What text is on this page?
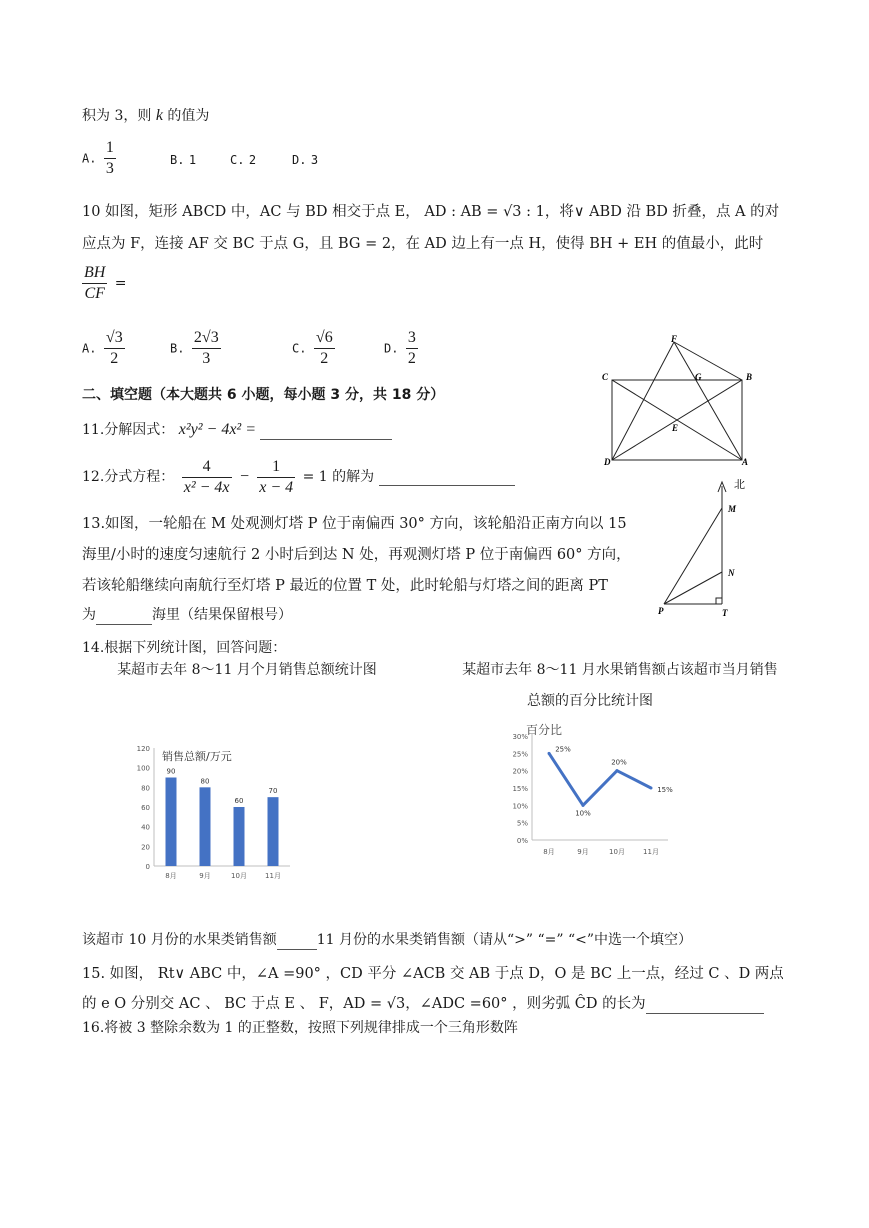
积为 3，则 k 的值为
A. $\frac{1}{3}$	B. 1	C. 2	D. 3
10 如图，矩形 ABCD 中，AC 与 BD 相交于点 E， AD : AB = √3 : 1，将∨ ABD 沿 BD 折叠，点 A 的对
应点为 F，连接 AF 交 BC 于点 G，且 BG = 2，在 AD 边上有一点 H，使得 BH + EH 的值最小，此时
$\frac{BH}{CF}$ =
A. $\frac{√3}{2}$	B. $\frac{2√3}{3}$	C. $\frac{√6}{2}$	D. $\frac{3}{2}$	F
C	G	B
E
D	A
二、填空题（本大题共 6 小题，每小题 3 分，共 18 分）
11.分解因式： x²y² − 4x² =
12.分式方程： $\frac{4}{\text{x² − 4x}} - \frac{1}{x - 4} = 1$ 的解为
13.如图，一轮船在 M 处观测灯塔 P 位于南偏西 30° 方向，该轮船沿正南方向以 15
海里/小时的速度匀速航行 2 小时后到达 N 处，再观测灯塔 P 位于南偏西 60° 方向，
若该轮船继续向南航行至灯塔 P 最近的位置 T 处，此时轮船与灯塔之间的距离 PT
为	海里（结果保留根号）
北
M
N
P	T
14.根据下列统计图，回答问题：
某超市去年 8～11 月个月销售总额统计图	某超市去年 8～11 月水果销售额占该超市当月销售
总额的百分比统计图
销售总额/万元
0
20
40
60
80
100
120
90
8月
80
9月
60
10月
70
11月
百分比
0%
5%
10%
15%
20%
25%
30%
25%
8月
10%
9月
20%
10月
15%
11月
该超市 10 月份的水果类销售额	11 月份的水果类销售额（请从“>” “=” “<”中选一个填空）
15. 如图， Rt∨ ABC 中，∠A =90° ，CD 平分 ∠ACB 交 AB 于点 D，O 是 BC 上一点，经过 C 、D 两点
的 e O 分别交 AC 、 BC 于点 E 、 F，AD = √3，∠ADC =60° ，则劣弧 ĈD 的长为
16.将被 3 整除余数为 1 的正整数，按照下列规律排成一个三角形数阵
